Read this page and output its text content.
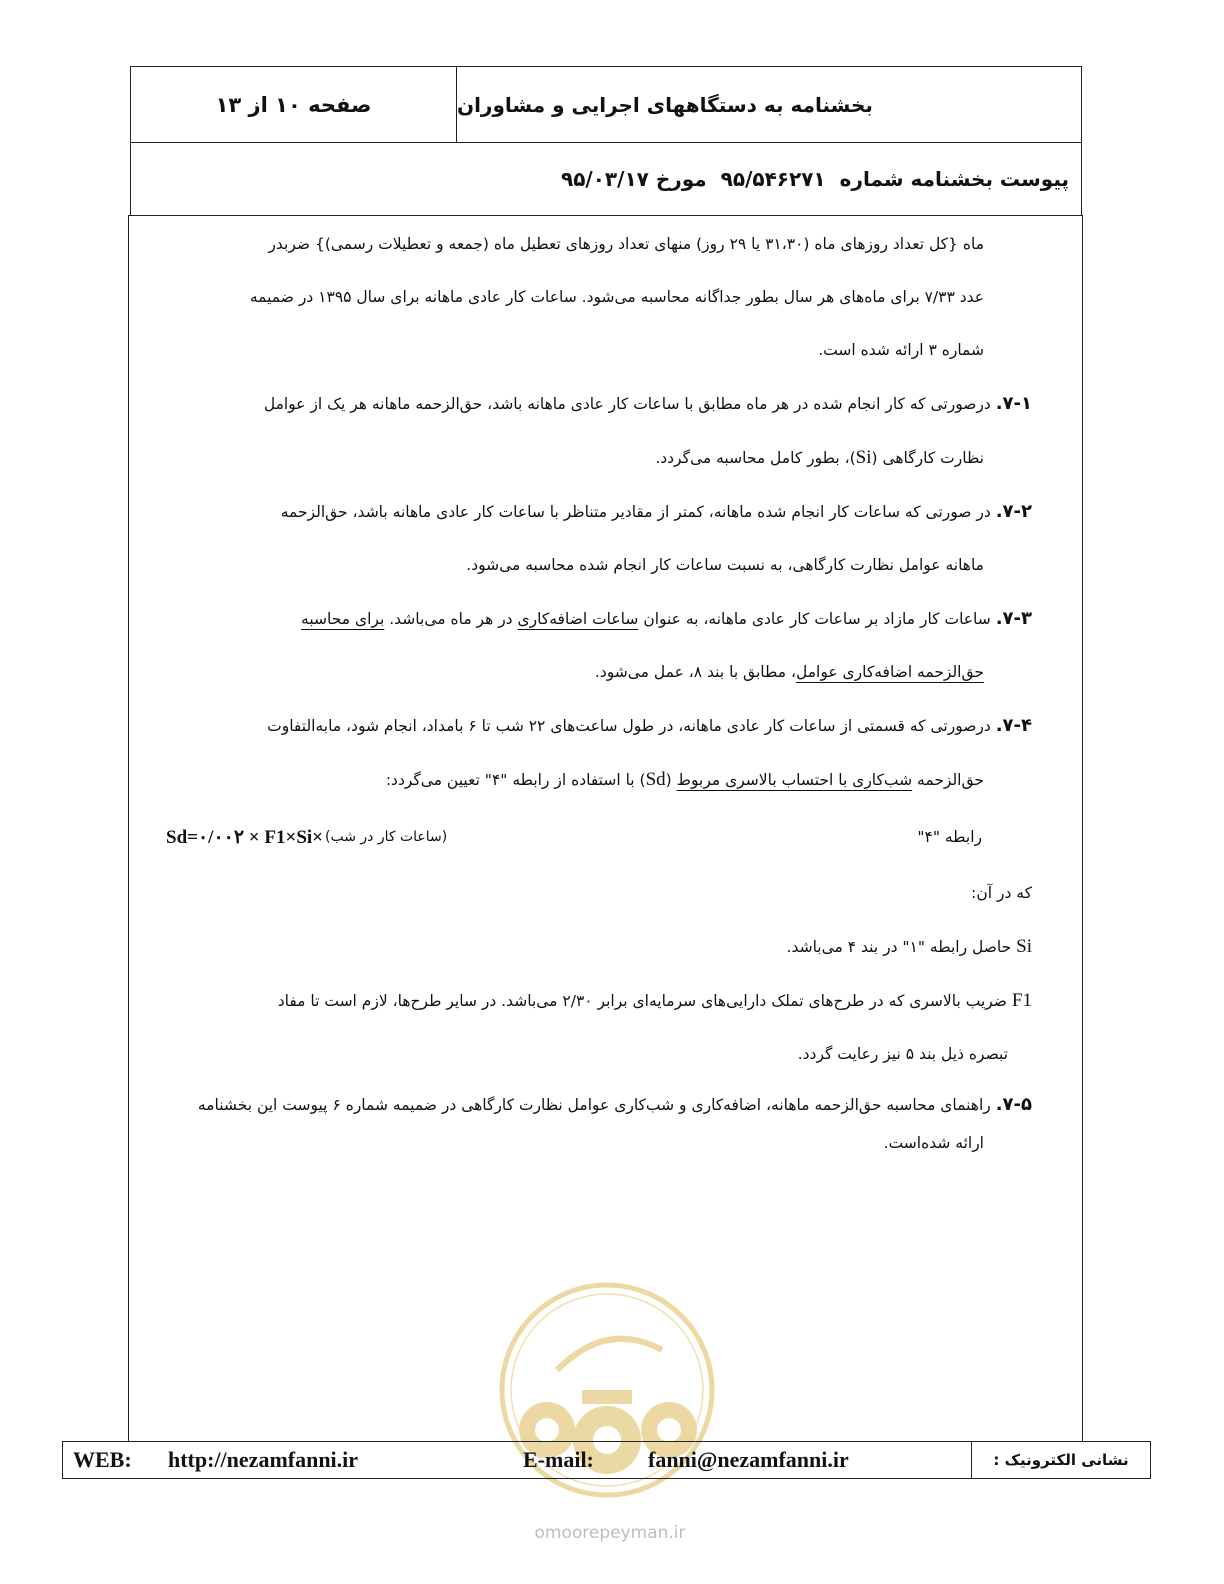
صفحه ۱۰ از ۱۳	بخشنامه به دستگاههای اجرایی و مشاوران
پیوست بخشنامه شماره
۹۵/۵۴۶۲۷۱
مورخ ۹۵/۰۳/۱۷

ماه {کل تعداد روزهای ماه (۳۱،۳۰ یا ۲۹ روز) منهای تعداد روزهای تعطیل ماه (جمعه و تعطیلات رسمی)} ضربدر

عدد ۷/۳۳ برای ماه‌های هر سال بطور جداگانه محاسبه می‌شود. ساعات کار عادی ماهانه برای سال ۱۳۹۵ در ضمیمه

شماره ۳ ارائه شده است.

۷-۱. درصورتی که کار انجام شده در هر ماه مطابق با ساعات کار عادی ماهانه باشد، حق‌الزحمه ماهانه هر یک از عوامل

نظارت کارگاهی (Si)، بطور کامل محاسبه می‌گردد.

۷-۲. در صورتی که ساعات کار انجام شده ماهانه، کمتر از مقادیر متناظر با ساعات کار عادی ماهانه باشد، حق‌الزحمه

ماهانه عوامل نظارت کارگاهی، به نسبت ساعات کار انجام شده محاسبه می‌شود.

۷-۳. ساعات کار مازاد بر ساعات کار عادی ماهانه، به عنوان ساعات اضافه‌کاری در هر ماه می‌باشد. برای محاسبه

حق‌الزحمه اضافه‌کاری عوامل، مطابق با بند ۸، عمل می‌شود.

۷-۴. درصورتی که قسمتی از ساعات کار عادی ماهانه، در طول ساعت‌های ۲۲ شب تا ۶ بامداد، انجام شود، مابه‌التفاوت

حق‌الزحمه شب‌کاری با احتساب بالاسری مربوط (Sd) با استفاده از رابطه "۴" تعیین می‌گردد:

رابطه "۴"
Sd=۰/۰۰۲ × F1×Si× (ساعات کار در شب)

که در آن:

Si حاصل رابطه "۱" در بند ۴ می‌باشد.

F1 ضریب بالاسری که در طرح‌های تملک دارایی‌های سرمایه‌ای برابر ۲/۳۰ می‌باشد. در سایر طرح‌ها، لازم است تا مفاد

تبصره ذیل بند ۵ نیز رعایت گردد.

۷-۵. راهنمای محاسبه حق‌الزحمه ماهانه، اضافه‌کاری و شب‌کاری عوامل نظارت کارگاهی در ضمیمه شماره ۶ پیوست این بخشنامه

ارائه شده‌است.

omoorepeyman.ir
WEB:	http://nezamfanni.ir	E-mail:	fanni@nezamfanni.ir	نشانی الکترونیک :
